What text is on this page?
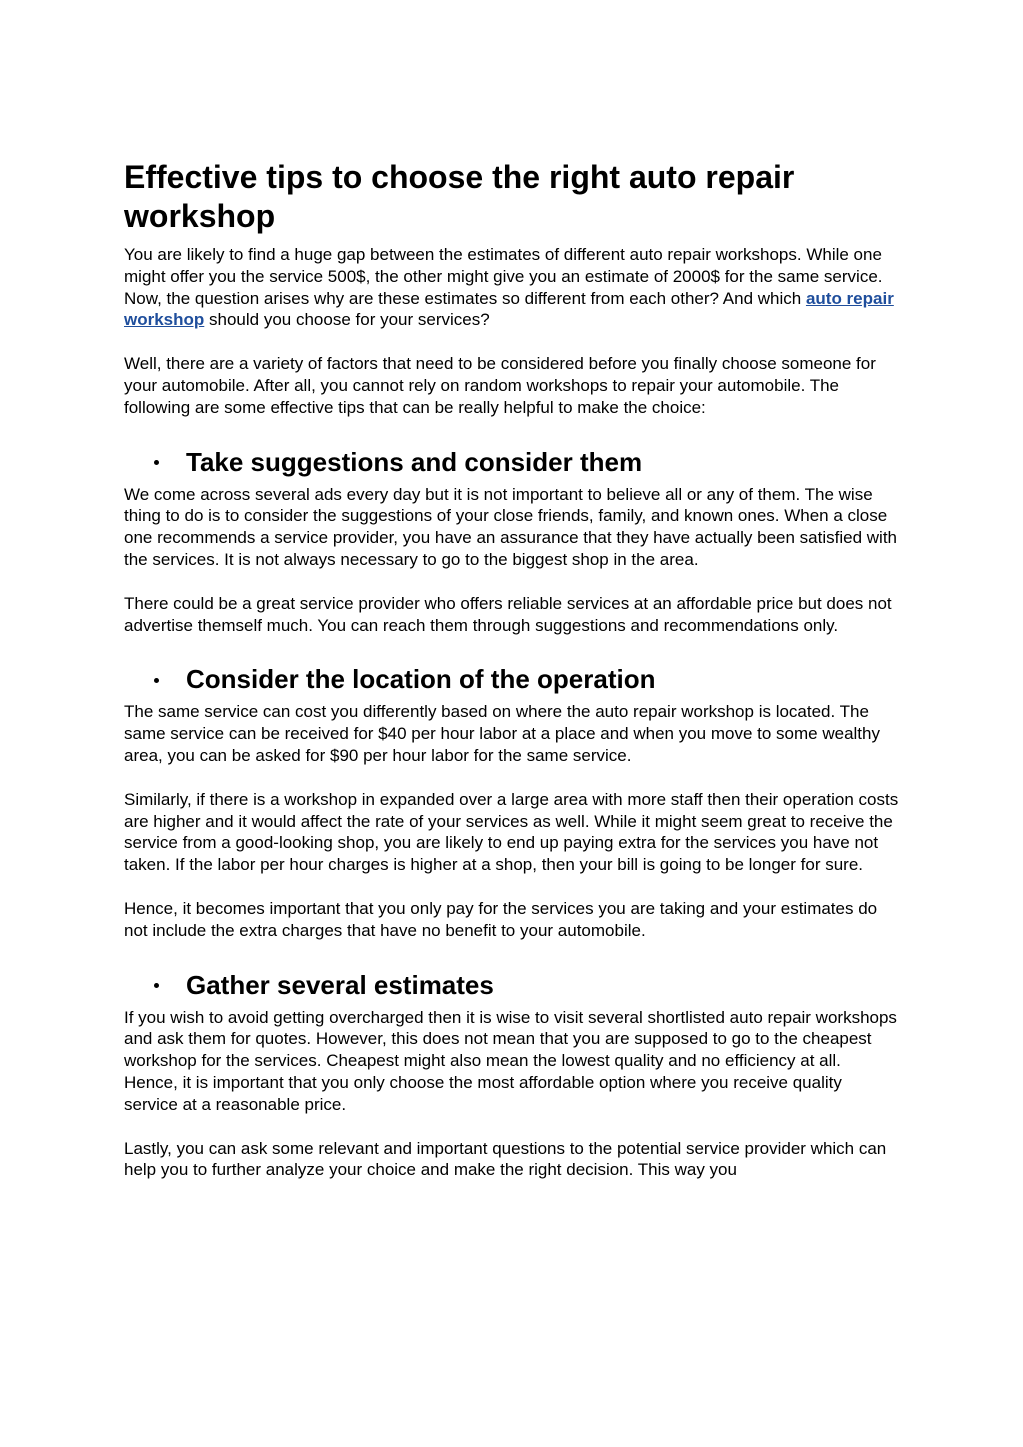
Effective tips to choose the right auto repair workshop

You are likely to find a huge gap between the estimates of different auto repair workshops. While one might offer you the service 500$, the other might give you an estimate of 2000$ for the same service. Now, the question arises why are these estimates so different from each other? And which auto repair workshop should you choose for your services?

Well, there are a variety of factors that need to be considered before you finally choose someone for your automobile. After all, you cannot rely on random workshops to repair your automobile. The following are some effective tips that can be really helpful to make the choice:

Take suggestions and consider them

We come across several ads every day but it is not important to believe all or any of them. The wise thing to do is to consider the suggestions of your close friends, family, and known ones. When a close one recommends a service provider, you have an assurance that they have actually been satisfied with the services. It is not always necessary to go to the biggest shop in the area.

There could be a great service provider who offers reliable services at an affordable price but does not advertise themself much. You can reach them through suggestions and recommendations only.

Consider the location of the operation

The same service can cost you differently based on where the auto repair workshop is located. The same service can be received for $40 per hour labor at a place and when you move to some wealthy area, you can be asked for $90 per hour labor for the same service.

Similarly, if there is a workshop in expanded over a large area with more staff then their operation costs are higher and it would affect the rate of your services as well. While it might seem great to receive the service from a good-looking shop, you are likely to end up paying extra for the services you have not taken. If the labor per hour charges is higher at a shop, then your bill is going to be longer for sure.

Hence, it becomes important that you only pay for the services you are taking and your estimates do not include the extra charges that have no benefit to your automobile.

Gather several estimates

If you wish to avoid getting overcharged then it is wise to visit several shortlisted auto repair workshops and ask them for quotes. However, this does not mean that you are supposed to go to the cheapest workshop for the services. Cheapest might also mean the lowest quality and no efficiency at all. Hence, it is important that you only choose the most affordable option where you receive quality service at a reasonable price.

Lastly, you can ask some relevant and important questions to the potential service provider which can help you to further analyze your choice and make the right decision. This way you
